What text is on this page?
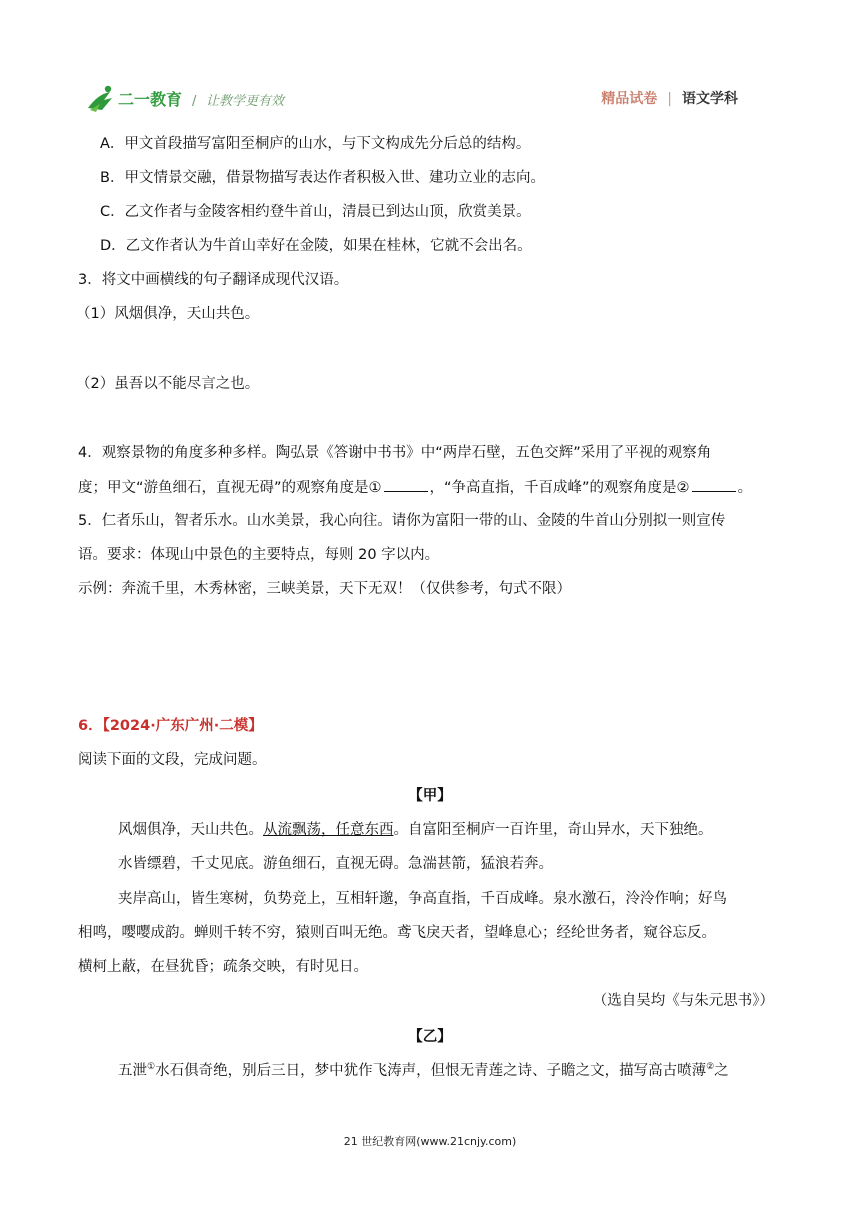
二一教育 / 让教学更有效	精品试卷 | 语文学科
A．甲文首段描写富阳至桐庐的山水，与下文构成先分后总的结构。
B．甲文情景交融，借景物描写表达作者积极入世、建功立业的志向。
C．乙文作者与金陵客相约登牛首山，清晨已到达山顶，欣赏美景。
D．乙文作者认为牛首山幸好在金陵，如果在桂林，它就不会出名。
3．将文中画横线的句子翻译成现代汉语。
（1）风烟俱净，天山共色。
（2）虽吾以不能尽言之也。
4．观察景物的角度多种多样。陶弘景《答谢中书书》中“两岸石壁，五色交辉”采用了平视的观察角
度；甲文“游鱼细石，直视无碍”的观察角度是①	，“争高直指，千百成峰”的观察角度是②	。
5．仁者乐山，智者乐水。山水美景，我心向往。请你为富阳一带的山、金陵的牛首山分别拟一则宣传
语。要求：体现山中景色的主要特点，每则 20 字以内。
示例：奔流千里，木秀林密，三峡美景，天下无双！（仅供参考，句式不限）
6．【2024·广东广州·二模】
阅读下面的文段，完成问题。
【甲】
风烟俱净，天山共色。从流飘荡，任意东西。自富阳至桐庐一百许里，奇山异水，天下独绝。
水皆缥碧，千丈见底。游鱼细石，直视无碍。急湍甚箭，猛浪若奔。
夹岸高山，皆生寒树，负势竞上，互相轩邈，争高直指，千百成峰。泉水激石，泠泠作响；好鸟
相鸣，嘤嘤成韵。蝉则千转不穷，猿则百叫无绝。鸢飞戾天者，望峰息心；经纶世务者，窥谷忘反。
横柯上蔽，在昼犹昏；疏条交映，有时见日。
（选自吴均《与朱元思书》）
【乙】
五泄①水石俱奇绝，别后三日，梦中犹作飞涛声，但恨无青莲之诗、子瞻之文，描写高古喷薄②之
21 世纪教育网(www.21cnjy.com)
